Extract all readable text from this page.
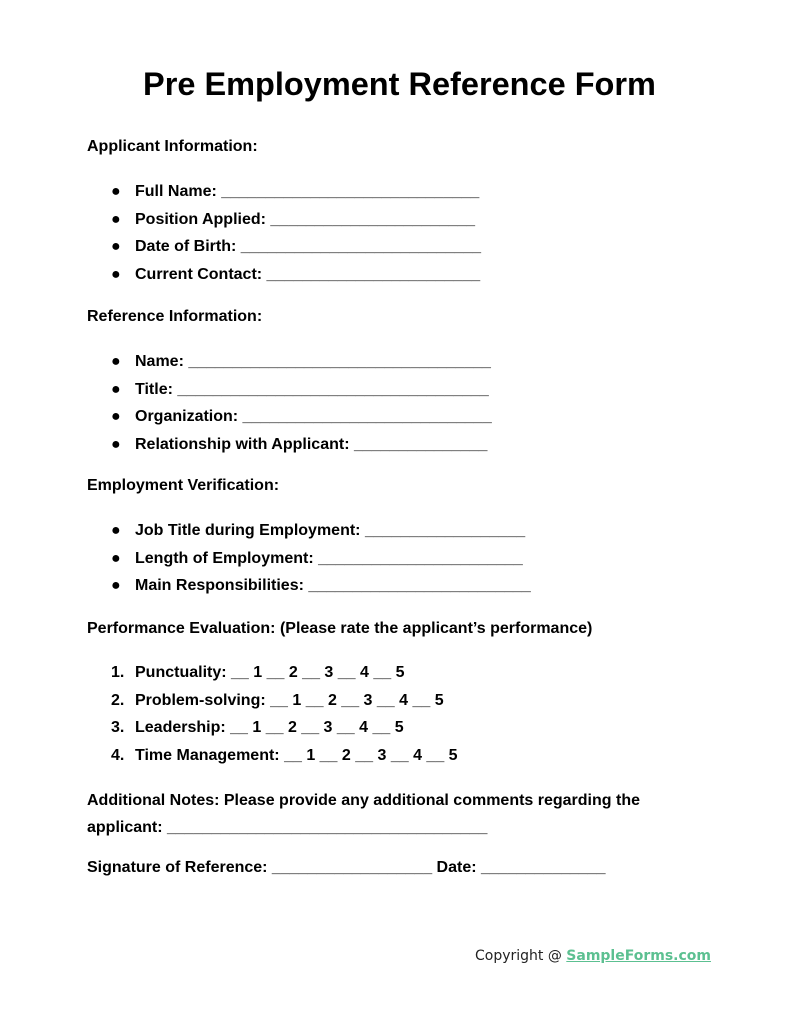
Pre Employment Reference Form
Applicant Information:
● Full Name: _____________________________
● Position Applied: _______________________
● Date of Birth: ___________________________
● Current Contact: ________________________
Reference Information:
● Name: __________________________________
● Title: ___________________________________
● Organization: ____________________________
● Relationship with Applicant: _______________
Employment Verification:
● Job Title during Employment: __________________
● Length of Employment: _______________________
● Main Responsibilities: _________________________
Performance Evaluation: (Please rate the applicant’s performance)
1. Punctuality: __ 1 __ 2 __ 3 __ 4 __ 5
2. Problem-solving: __ 1 __ 2 __ 3 __ 4 __ 5
3. Leadership: __ 1 __ 2 __ 3 __ 4 __ 5
4. Time Management: __ 1 __ 2 __ 3 __ 4 __ 5
Additional Notes: Please provide any additional comments regarding the applicant: ____________________________________
Signature of Reference: __________________ Date: ______________
Copyright @ SampleForms.com
